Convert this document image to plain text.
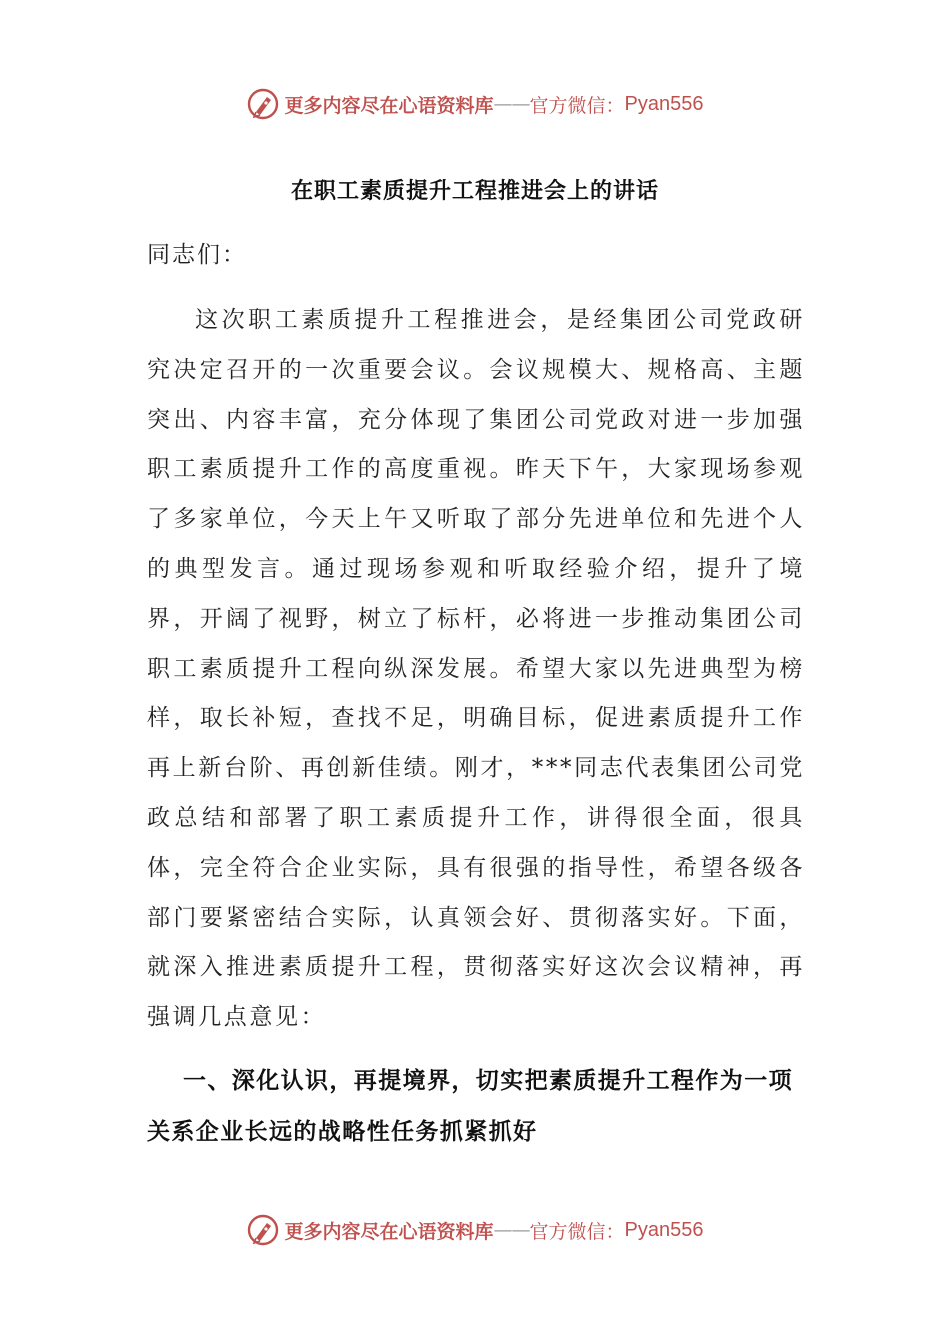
更多内容尽在心语资料库 —— 官方微信： Pyan556
在职工素质提升工程推进会上的讲话
同志们：
这次职工素质提升工程推进会，是经集团公司党政研究决定召开的一次重要会议。会议规模大、规格高、主题突出、内容丰富，充分体现了集团公司党政对进一步加强职工素质提升工作的高度重视。昨天下午，大家现场参观了多家单位，今天上午又听取了部分先进单位和先进个人的典型发言。通过现场参观和听取经验介绍，提升了境界，开阔了视野，树立了标杆，必将进一步推动集团公司职工素质提升工程向纵深发展。希望大家以先进典型为榜样，取长补短，查找不足，明确目标，促进素质提升工作再上新台阶、再创新佳绩。刚才，***同志代表集团公司党政总结和部署了职工素质提升工作，讲得很全面，很具体，完全符合企业实际，具有很强的指导性，希望各级各部门要紧密结合实际，认真领会好、贯彻落实好。下面，就深入推进素质提升工程，贯彻落实好这次会议精神，再强调几点意见：
一、深化认识，再提境界，切实把素质提升工程作为一项关系企业长远的战略性任务抓紧抓好
更多内容尽在心语资料库 —— 官方微信： Pyan556
